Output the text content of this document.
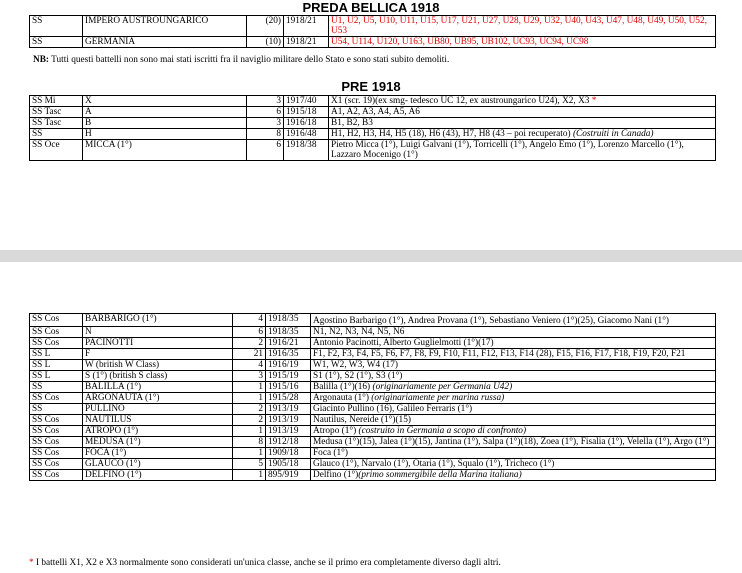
PREDA BELLICA 1918
SS	IMPERO AUSTROUNGARICO	(20)	1918/21	U1, U2, U5, U10, U11, U15, U17, U21, U27, U28, U29, U32, U40, U43, U47, U48, U49, U50, U52, U53
SS	GERMANIA	(10)	1918/21	U54, U114, U120, U163, UB80, UB95, UB102, UC93, UC94, UC98
NB: Tutti questi battelli non sono mai stati iscritti fra il naviglio militare dello Stato e sono stati subito demoliti.
PRE 1918
SS Mi	X	3	1917/40	X1 (scr. 19)(ex smg- tedesco UC 12, ex austroungarico U24), X2, X3 *
SS Tasc	A	6	1915/18	A1, A2, A3, A4, A5, A6
SS Tasc	B	3	1916/18	B1, B2, B3
SS	H	8	1916/48	H1, H2, H3, H4, H5 (18), H6 (43), H7, H8 (43 – poi recuperato) (Costruiti in Canada)
SS Oce	MICCA (1°)	6	1918/38	Pietro Micca (1°), Luigi Galvani (1°), Torricelli (1°), Angelo Emo (1°), Lorenzo Marcello (1°), Lazzaro Mocenigo (1°)
SS Cos	BARBARIGO (1°)	4	1918/35	Agostino Barbarigo (1°), Andrea Provana (1°), Sebastiano Veniero (1°)(25), Giacomo Nani (1°)
SS Cos	N	6	1918/35	N1, N2, N3, N4, N5, N6
SS Cos	PACINOTTI	2	1916/21	Antonio Pacinotti, Alberto Guglielmotti (1°)(17)
SS L	F	21	1916/35	F1, F2, F3, F4, F5, F6, F7, F8, F9, F10, F11, F12, F13, F14 (28), F15, F16, F17, F18, F19, F20, F21
SS L	W (british W Class)	4	1916/19	W1, W2, W3, W4 (17)
SS L	S (1°) (british S class)	3	1915/19	S1 (1°), S2 (1°), S3 (1°)
SS	BALILLA (1°)	1	1915/16	Balilla (1°)(16) (originariamente per Germania U42)
SS Cos	ARGONAUTA (1°)	1	1915/28	Argonauta (1°) (originariamente per marina russa)
SS	PULLINO	2	1913/19	Giacinto Pullino (16), Galileo Ferraris (1°)
SS Cos	NAUTILUS	2	1913/19	Nautilus, Nereide (1°)(15)
SS Cos	ATROPO (1°)	1	1913/19	Atropo (1°) (costruito in Germania a scopo di confronto)
SS Cos	MEDUSA (1°)	8	1912/18	Medusa (1°)(15), Jalea (1°)(15), Jantina (1°), Salpa (1°)(18), Zoea (1°), Fisalia (1°), Velella (1°), Argo (1°)
SS Cos	FOCA (1°)	1	1909/18	Foca (1°)
SS Cos	GLAUCO (1°)	5	1905/18	Glauco (1°), Narvalo (1°), Otaria (1°), Squalo (1°), Tricheco (1°)
SS Cos	DELFINO (1°)	1	895/919	Delfino (1°)(primo sommergibile della Marina italiana)
* I battelli X1, X2 e X3 normalmente sono considerati un'unica classe, anche se il primo era completamente diverso dagli altri.
